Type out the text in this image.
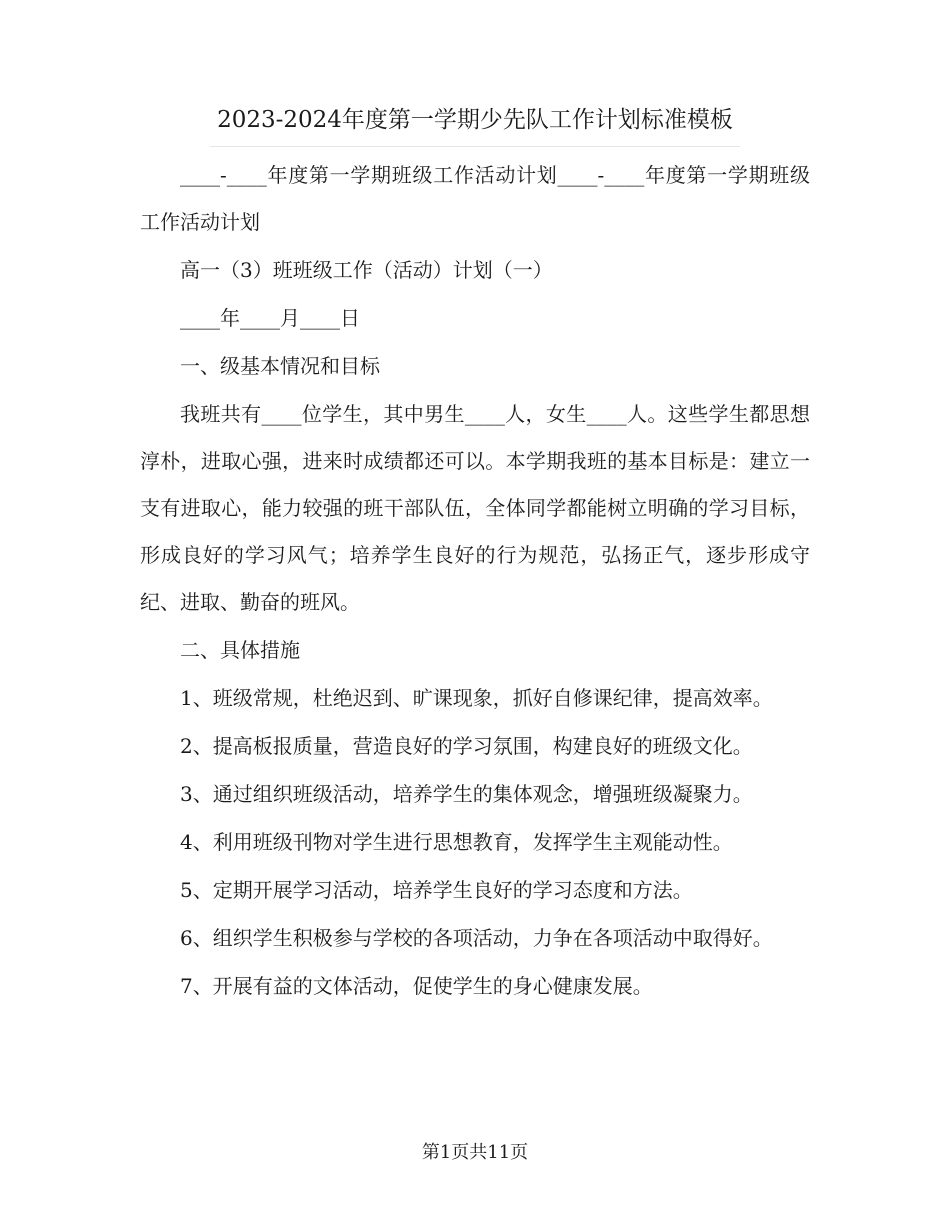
2023-2024年度第一学期少先队工作计划标准模板

____-____年度第一学期班级工作活动计划____-____年度第一学期班级工作活动计划

高一（3）班班级工作（活动）计划（一）

____年____月____日

一、级基本情况和目标

我班共有____位学生，其中男生____人，女生____人。这些学生都思想淳朴，进取心强，进来时成绩都还可以。本学期我班的基本目标是：建立一支有进取心，能力较强的班干部队伍，全体同学都能树立明确的学习目标，形成良好的学习风气；培养学生良好的行为规范，弘扬正气，逐步形成守纪、进取、勤奋的班风。

二、具体措施

1、班级常规，杜绝迟到、旷课现象，抓好自修课纪律，提高效率。

2、提高板报质量，营造良好的学习氛围，构建良好的班级文化。

3、通过组织班级活动，培养学生的集体观念，增强班级凝聚力。

4、利用班级刊物对学生进行思想教育，发挥学生主观能动性。

5、定期开展学习活动，培养学生良好的学习态度和方法。

6、组织学生积极参与学校的各项活动，力争在各项活动中取得好。

7、开展有益的文体活动，促使学生的身心健康发展。

第1页共11页
